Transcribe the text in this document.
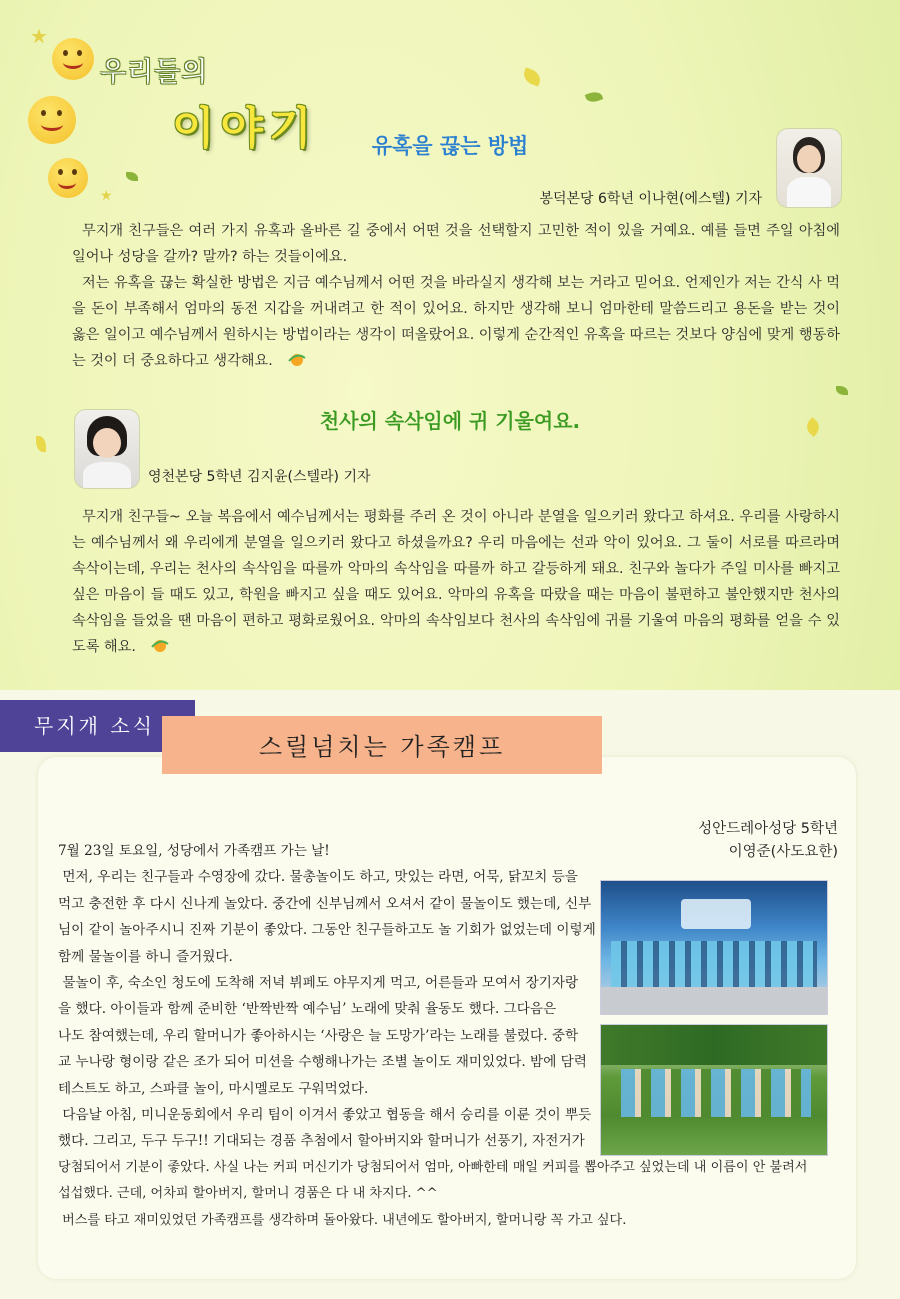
★
★
우리들의
이야기	유혹을 끊는 방법
봉덕본당 6학년 이나현(에스텔) 기자

무지개 친구들은 여러 가지 유혹과 올바른 길 중에서 어떤 것을 선택할지 고민한 적이 있을 거예요. 예를 들면 주일 아침에 일어나 성당을 갈까? 말까? 하는 것들이에요.

저는 유혹을 끊는 확실한 방법은 지금 예수님께서 어떤 것을 바라실지 생각해 보는 거라고 믿어요. 언제인가 저는 간식 사 먹을 돈이 부족해서 엄마의 동전 지갑을 꺼내려고 한 적이 있어요. 하지만 생각해 보니 엄마한테 말씀드리고 용돈을 받는 것이 옳은 일이고 예수님께서 원하시는 방법이라는 생각이 떠올랐어요. 이렇게 순간적인 유혹을 따르는 것보다 양심에 맞게 행동하는 것이 더 중요하다고 생각해요.

천사의 속삭임에 귀 기울여요.
영천본당 5학년 김지윤(스텔라) 기자

무지개 친구들~ 오늘 복음에서 예수님께서는 평화를 주러 온 것이 아니라 분열을 일으키러 왔다고 하셔요. 우리를 사랑하시는 예수님께서 왜 우리에게 분열을 일으키러 왔다고 하셨을까요? 우리 마음에는 선과 악이 있어요. 그 둘이 서로를 따르라며 속삭이는데, 우리는 천사의 속삭임을 따를까 악마의 속삭임을 따를까 하고 갈등하게 돼요. 친구와 놀다가 주일 미사를 빠지고 싶은 마음이 들 때도 있고, 학원을 빠지고 싶을 때도 있어요. 악마의 유혹을 따랐을 때는 마음이 불편하고 불안했지만 천사의 속삭임을 들었을 땐 마음이 편하고 평화로웠어요. 악마의 속삭임보다 천사의 속삭임에 귀를 기울여 마음의 평화를 얻을 수 있도록 해요.

무지개 소식
스릴넘치는 가족캠프
성안드레아성당 5학년
이영준(사도요한)

7월 23일 토요일, 성당에서 가족캠프 가는 날!

먼저, 우리는 친구들과 수영장에 갔다. 물총놀이도 하고, 맛있는 라면, 어묵, 닭꼬치 등을

먹고 충전한 후 다시 신나게 놀았다. 중간에 신부님께서 오셔서 같이 물놀이도 했는데, 신부

님이 같이 놀아주시니 진짜 기분이 좋았다. 그동안 친구들하고도 놀 기회가 없었는데 이렇게

함께 물놀이를 하니 즐거웠다.

물놀이 후, 숙소인 청도에 도착해 저녁 뷔페도 야무지게 먹고, 어른들과 모여서 장기자랑

을 했다. 아이들과 함께 준비한 ‘반짝반짝 예수님’ 노래에 맞춰 율동도 했다. 그다음은

나도 참여했는데, 우리 할머니가 좋아하시는 ‘사랑은 늘 도망가’라는 노래를 불렀다. 중학

교 누나랑 형이랑 같은 조가 되어 미션을 수행해나가는 조별 놀이도 재미있었다. 밤에 담력

테스트도 하고, 스파클 놀이, 마시멜로도 구워먹었다.

다음날 아침, 미니운동회에서 우리 팀이 이겨서 좋았고 협동을 해서 승리를 이룬 것이 뿌듯

했다. 그리고, 두구 두구!! 기대되는 경품 추첨에서 할아버지와 할머니가 선풍기, 자전거가

당첨되어서 기분이 좋았다. 사실 나는 커피 머신기가 당첨되어서 엄마, 아빠한테 매일 커피를 뽑아주고 싶었는데 내 이름이 안 불려서

섭섭했다. 근데, 어차피 할아버지, 할머니 경품은 다 내 차지다. ^^

버스를 타고 재미있었던 가족캠프를 생각하며 돌아왔다. 내년에도 할아버지, 할머니랑 꼭 가고 싶다.
